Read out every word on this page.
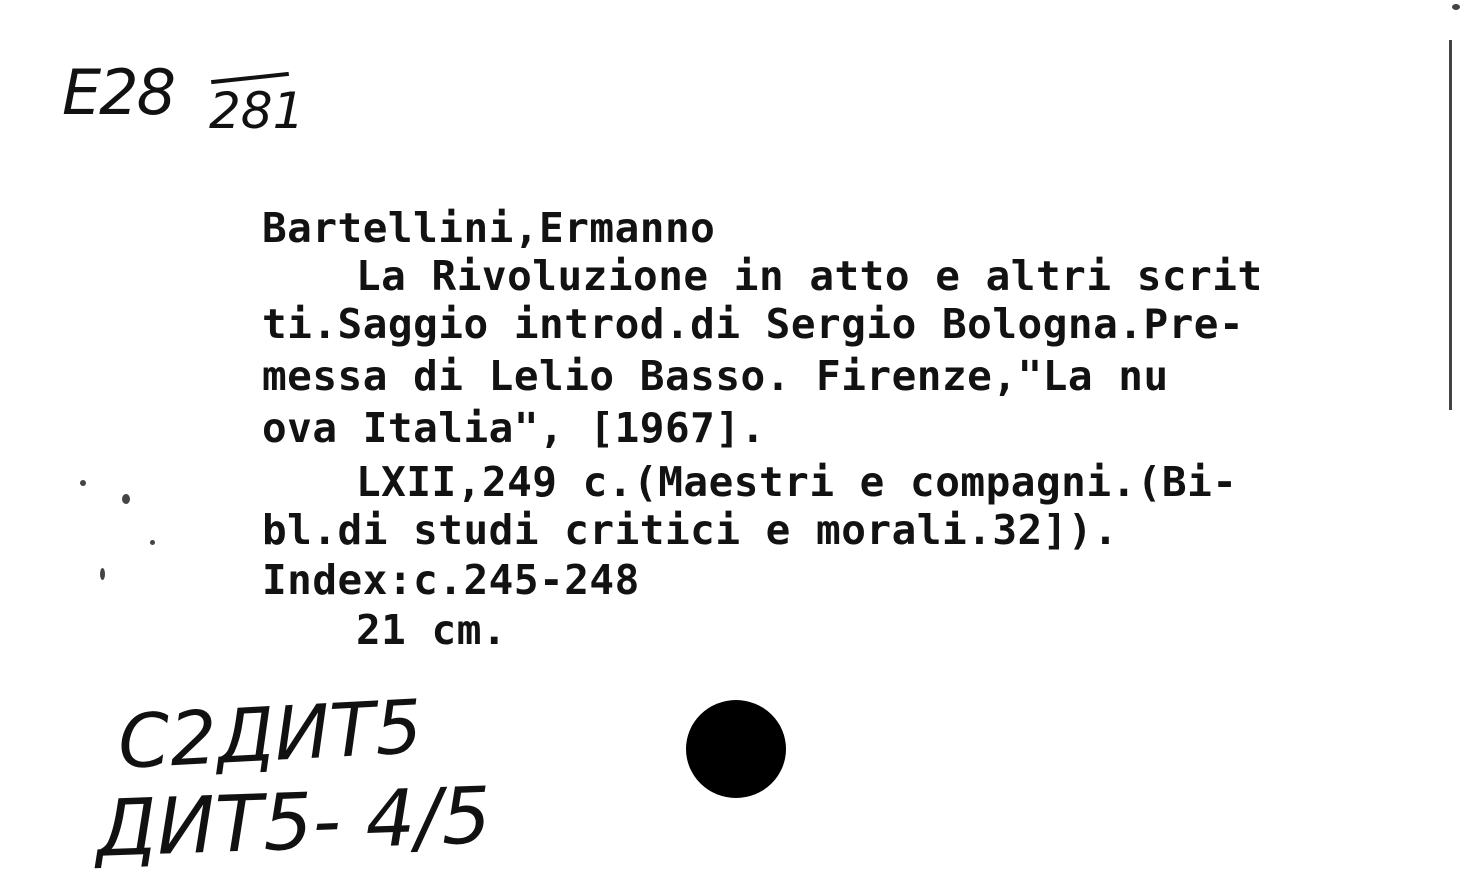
E28 281
Bartellini,Ermanno
La Rivoluzione in atto e altri scrit
ti.Saggio introd.di Sergio Bologna.Pre-
messa di Lelio Basso. Firenze,"La nu
ova Italia", [1967].
LXII,249 c.(Maestri e compagni.(Bi-
bl.di studi critici e morali.32]).
Index:c.245-248
21 cm.
С2ДИТ5
ДИТ5- 4/5
